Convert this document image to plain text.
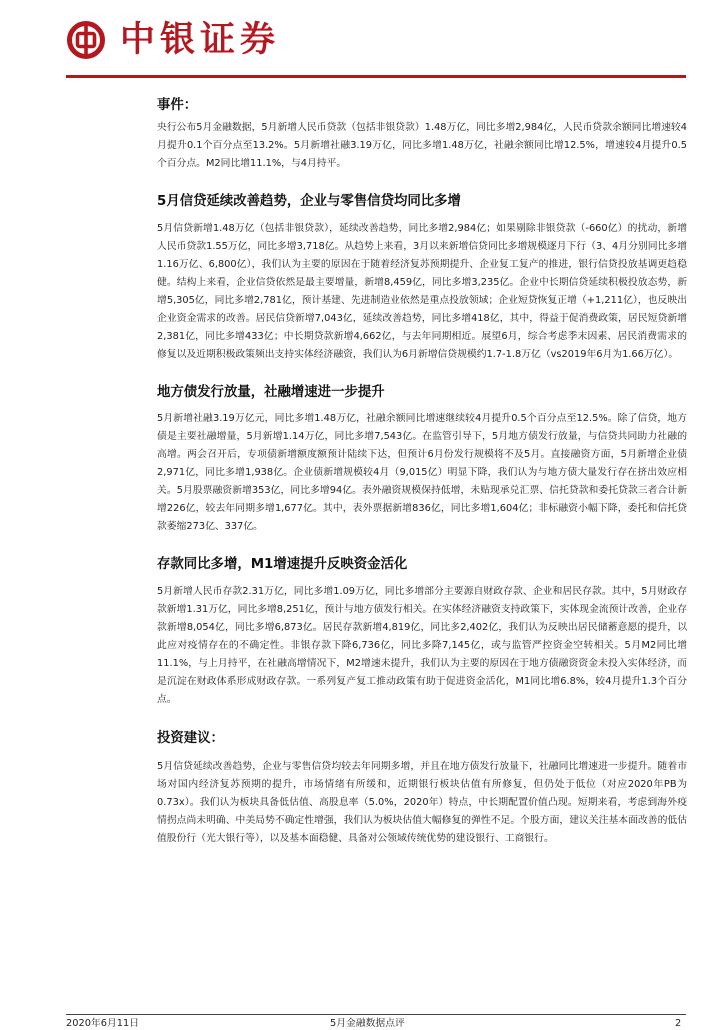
中银证券

事件：

央行公布5月金融数据，5月新增人民币贷款（包括非银贷款）1.48万亿，同比多增2,984亿，人民币贷款余额同比增速较4月提升0.1个百分点至13.2%。5月新增社融3.19万亿，同比多增1.48万亿，社融余额同比增12.5%，增速较4月提升0.5个百分点。M2同比增11.1%，与4月持平。

5月信贷延续改善趋势，企业与零售信贷均同比多增

5月信贷新增1.48万亿（包括非银贷款），延续改善趋势，同比多增2,984亿；如果剔除非银贷款（-660亿）的扰动，新增人民币贷款1.55万亿，同比多增3,718亿。从趋势上来看，3月以来新增信贷同比多增规模逐月下行（3、4月分别同比多增1.16万亿、6,800亿），我们认为主要的原因在于随着经济复苏预期提升、企业复工复产的推进，银行信贷投放基调更趋稳健。结构上来看，企业信贷依然是最主要增量，新增8,459亿，同比多增3,235亿。企业中长期信贷延续积极投放态势，新增5,305亿，同比多增2,781亿，预计基建、先进制造业依然是重点投放领域；企业短贷恢复正增（+1,211亿），也反映出企业资金需求的改善。居民信贷新增7,043亿，延续改善趋势，同比多增418亿，其中，得益于促消费政策，居民短贷新增2,381亿，同比多增433亿；中长期贷款新增4,662亿，与去年同期相近。展望6月，综合考虑季末因素、居民消费需求的修复以及近期积极政策频出支持实体经济融资，我们认为6月新增信贷规模约1.7-1.8万亿（vs2019年6月为1.66万亿）。

地方债发行放量，社融增速进一步提升

5月新增社融3.19万亿元，同比多增1.48万亿，社融余额同比增速继续较4月提升0.5个百分点至12.5%。除了信贷，地方债是主要社融增量，5月新增1.14万亿，同比多增7,543亿。在监管引导下，5月地方债发行放量，与信贷共同助力社融的高增。两会召开后，专项债新增额度额预计陆续下达，但预计6月份发行规模将不及5月。直接融资方面，5月新增企业债2,971亿，同比多增1,938亿。企业债新增规模较4月（9,015亿）明显下降，我们认为与地方债大量发行存在挤出效应相关。5月股票融资新增353亿，同比多增94亿。表外融资规模保持低增，未贴现承兑汇票、信托贷款和委托贷款三者合计新增226亿，较去年同期多增1,677亿。其中，表外票据新增836亿，同比多增1,604亿；非标融资小幅下降，委托和信托贷款萎缩273亿、337亿。

存款同比多增，M1增速提升反映资金活化

5月新增人民币存款2.31万亿，同比多增1.09万亿，同比多增部分主要源自财政存款、企业和居民存款。其中，5月财政存款新增1.31万亿，同比多增8,251亿，预计与地方债发行相关。在实体经济融资支持政策下，实体现金流预计改善，企业存款新增8,054亿，同比多增6,873亿。居民存款新增4,819亿，同比多2,402亿，我们认为反映出居民储蓄意愿的提升，以此应对疫情存在的不确定性。非银存款下降6,736亿，同比多降7,145亿，或与监管严控资金空转相关。5月M2同比增11.1%，与上月持平，在社融高增情况下，M2增速未提升，我们认为主要的原因在于地方债融资资金未投入实体经济，而是沉淀在财政体系形成财政存款。一系列复产复工推动政策有助于促进资金活化，M1同比增6.8%，较4月提升1.3个百分点。

投资建议：

5月信贷延续改善趋势，企业与零售信贷均较去年同期多增，并且在地方债发行放量下，社融同比增速进一步提升。随着市场对国内经济复苏预期的提升，市场情绪有所缓和，近期银行板块估值有所修复，但仍处于低位（对应2020年PB为0.73x）。我们认为板块具备低估值、高股息率（5.0%，2020年）特点，中长期配置价值凸现。短期来看，考虑到海外疫情拐点尚未明确、中美局势不确定性增强，我们认为板块估值大幅修复的弹性不足。个股方面，建议关注基本面改善的低估值股份行（光大银行等），以及基本面稳健、具备对公领域传统优势的建设银行、工商银行。

2020年6月11日	5月金融数据点评	2
